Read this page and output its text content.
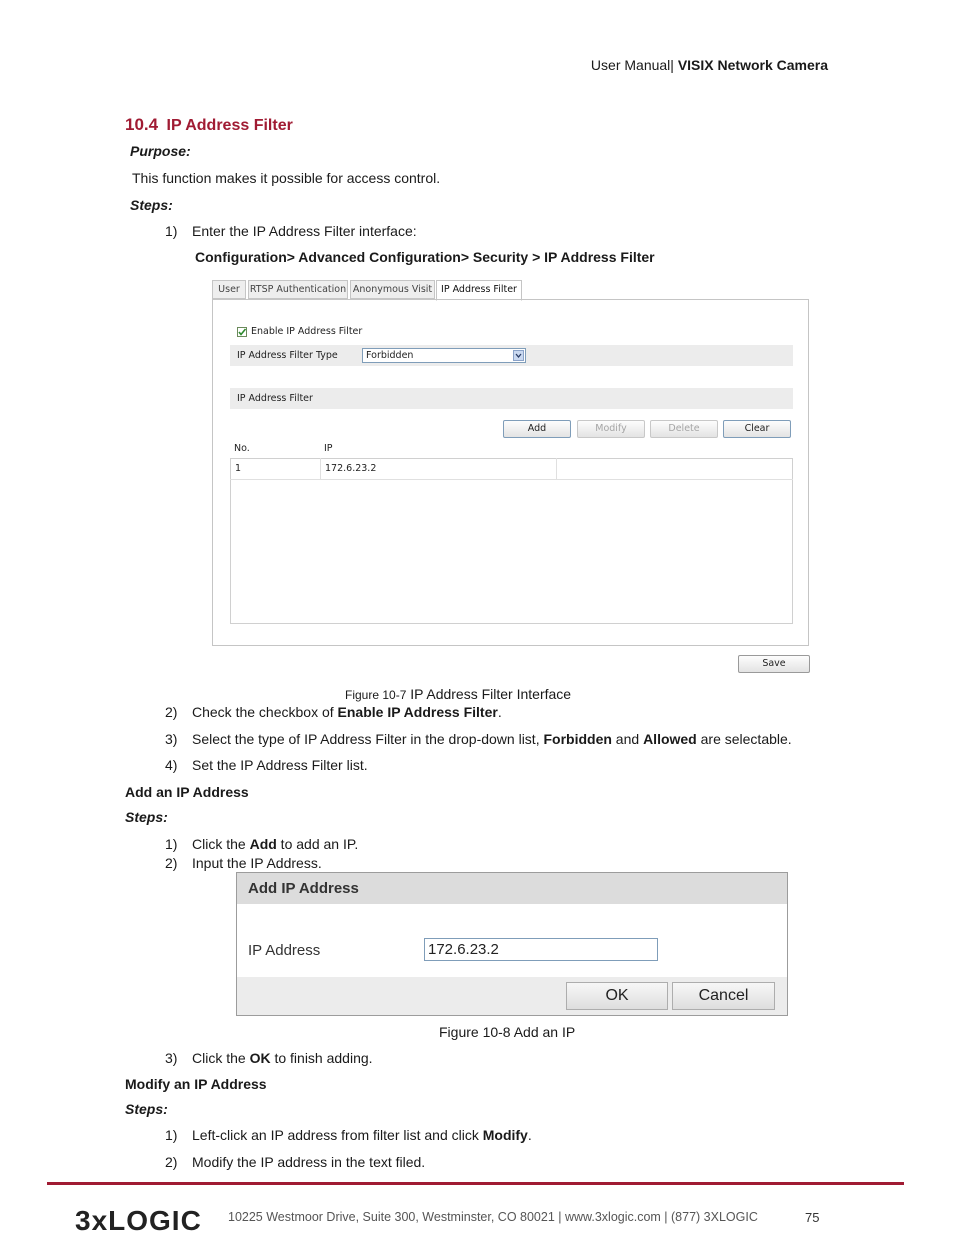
User Manual| VISIX Network Camera
10.4 IP Address Filter
Purpose:
This function makes it possible for access control.
Steps:
1) Enter the IP Address Filter interface:
Configuration> Advanced Configuration> Security > IP Address Filter
User	RTSP Authentication Anonymous Visit IP Address Filter
Enable IP Address Filter
IP Address Filter Type	Forbidden
IP Address Filter
Add	Modify	Delete	Clear
No.	IP
1	172.6.23.2
Save
Figure 10-7 IP Address Filter Interface
2) Check the checkbox of Enable IP Address Filter.
3) Select the type of IP Address Filter in the drop-down list, Forbidden and Allowed are selectable.
4) Set the IP Address Filter list.
Add an IP Address
Steps:
1) Click the Add to add an IP.
2) Input the IP Address.
Add IP Address
IP Address	172.6.23.2
OK	Cancel
Figure 10-8 Add an IP
3) Click the OK to finish adding.
Modify an IP Address
Steps:
1) Left-click an IP address from filter list and click Modify.
2) Modify the IP address in the text filed.
3xLOGIC 10225 Westmoor Drive, Suite 300, Westminster, CO 80021 | www.3xlogic.com | (877) 3XLOGIC	75
